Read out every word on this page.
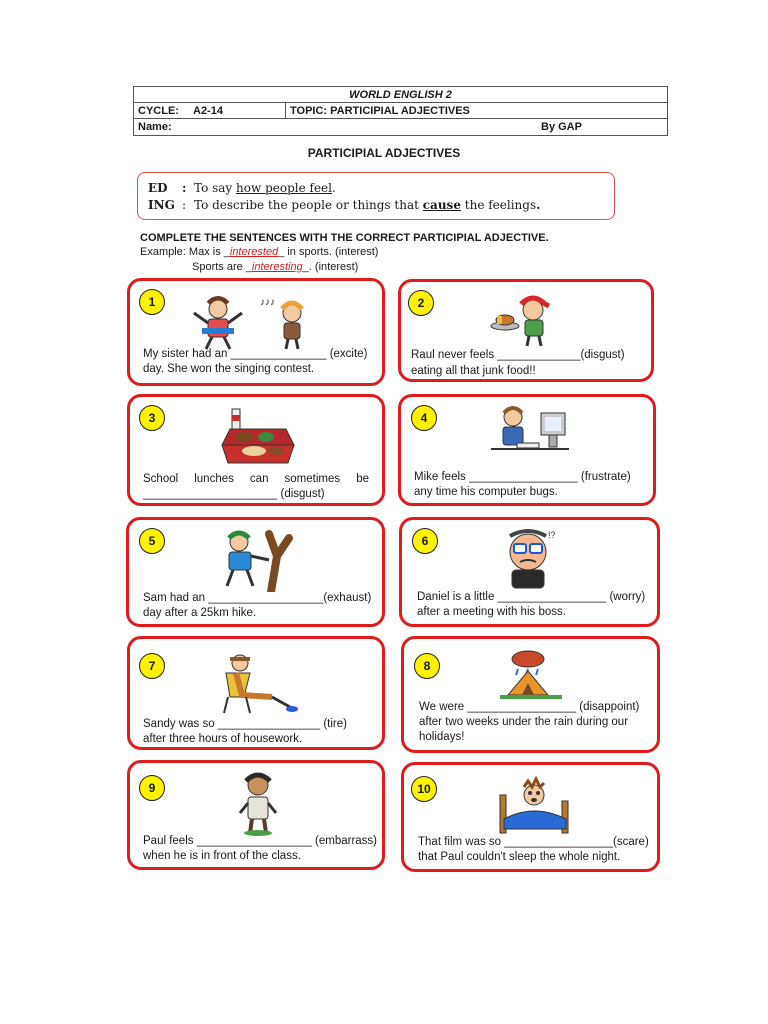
WORLD ENGLISH 2
CYCLE:	A2-14	TOPIC: PARTICIPIAL ADJECTIVES
Name:	By GAP
PARTICIPIAL ADJECTIVES
ED	: To say how people feel .
ING : To describe the people or things that cause the feelings .
COMPLETE THE SENTENCES WITH THE CORRECT PARTICIPIAL ADJECTIVE.
Example: Max is _interested_ in sports. (interest)
Sports are _interesting_. (interest)
1	♪♪♪
My sister had an _______________ (excite)
day. She won the singing contest.
2
Raul never feels _____________(disgust)
eating all that junk food!!
3
School lunches can sometimes be
_____________________ (disgust)
4
Mike feels _________________ (frustrate)
any time his computer bugs.
5
Sam had an __________________(exhaust)
day after a 25km hike.
6	!?
Daniel is a little _________________ (worry)
after a meeting with his boss.
7
Sandy was so ________________ (tire)
after three hours of housework.
8
We were _________________ (disappoint)
after two weeks under the rain during our
holidays!
9
Paul feels __________________ (embarrass)
when he is in front of the class.
10
That film was so _________________(scare)
that Paul couldn't sleep the whole night.
